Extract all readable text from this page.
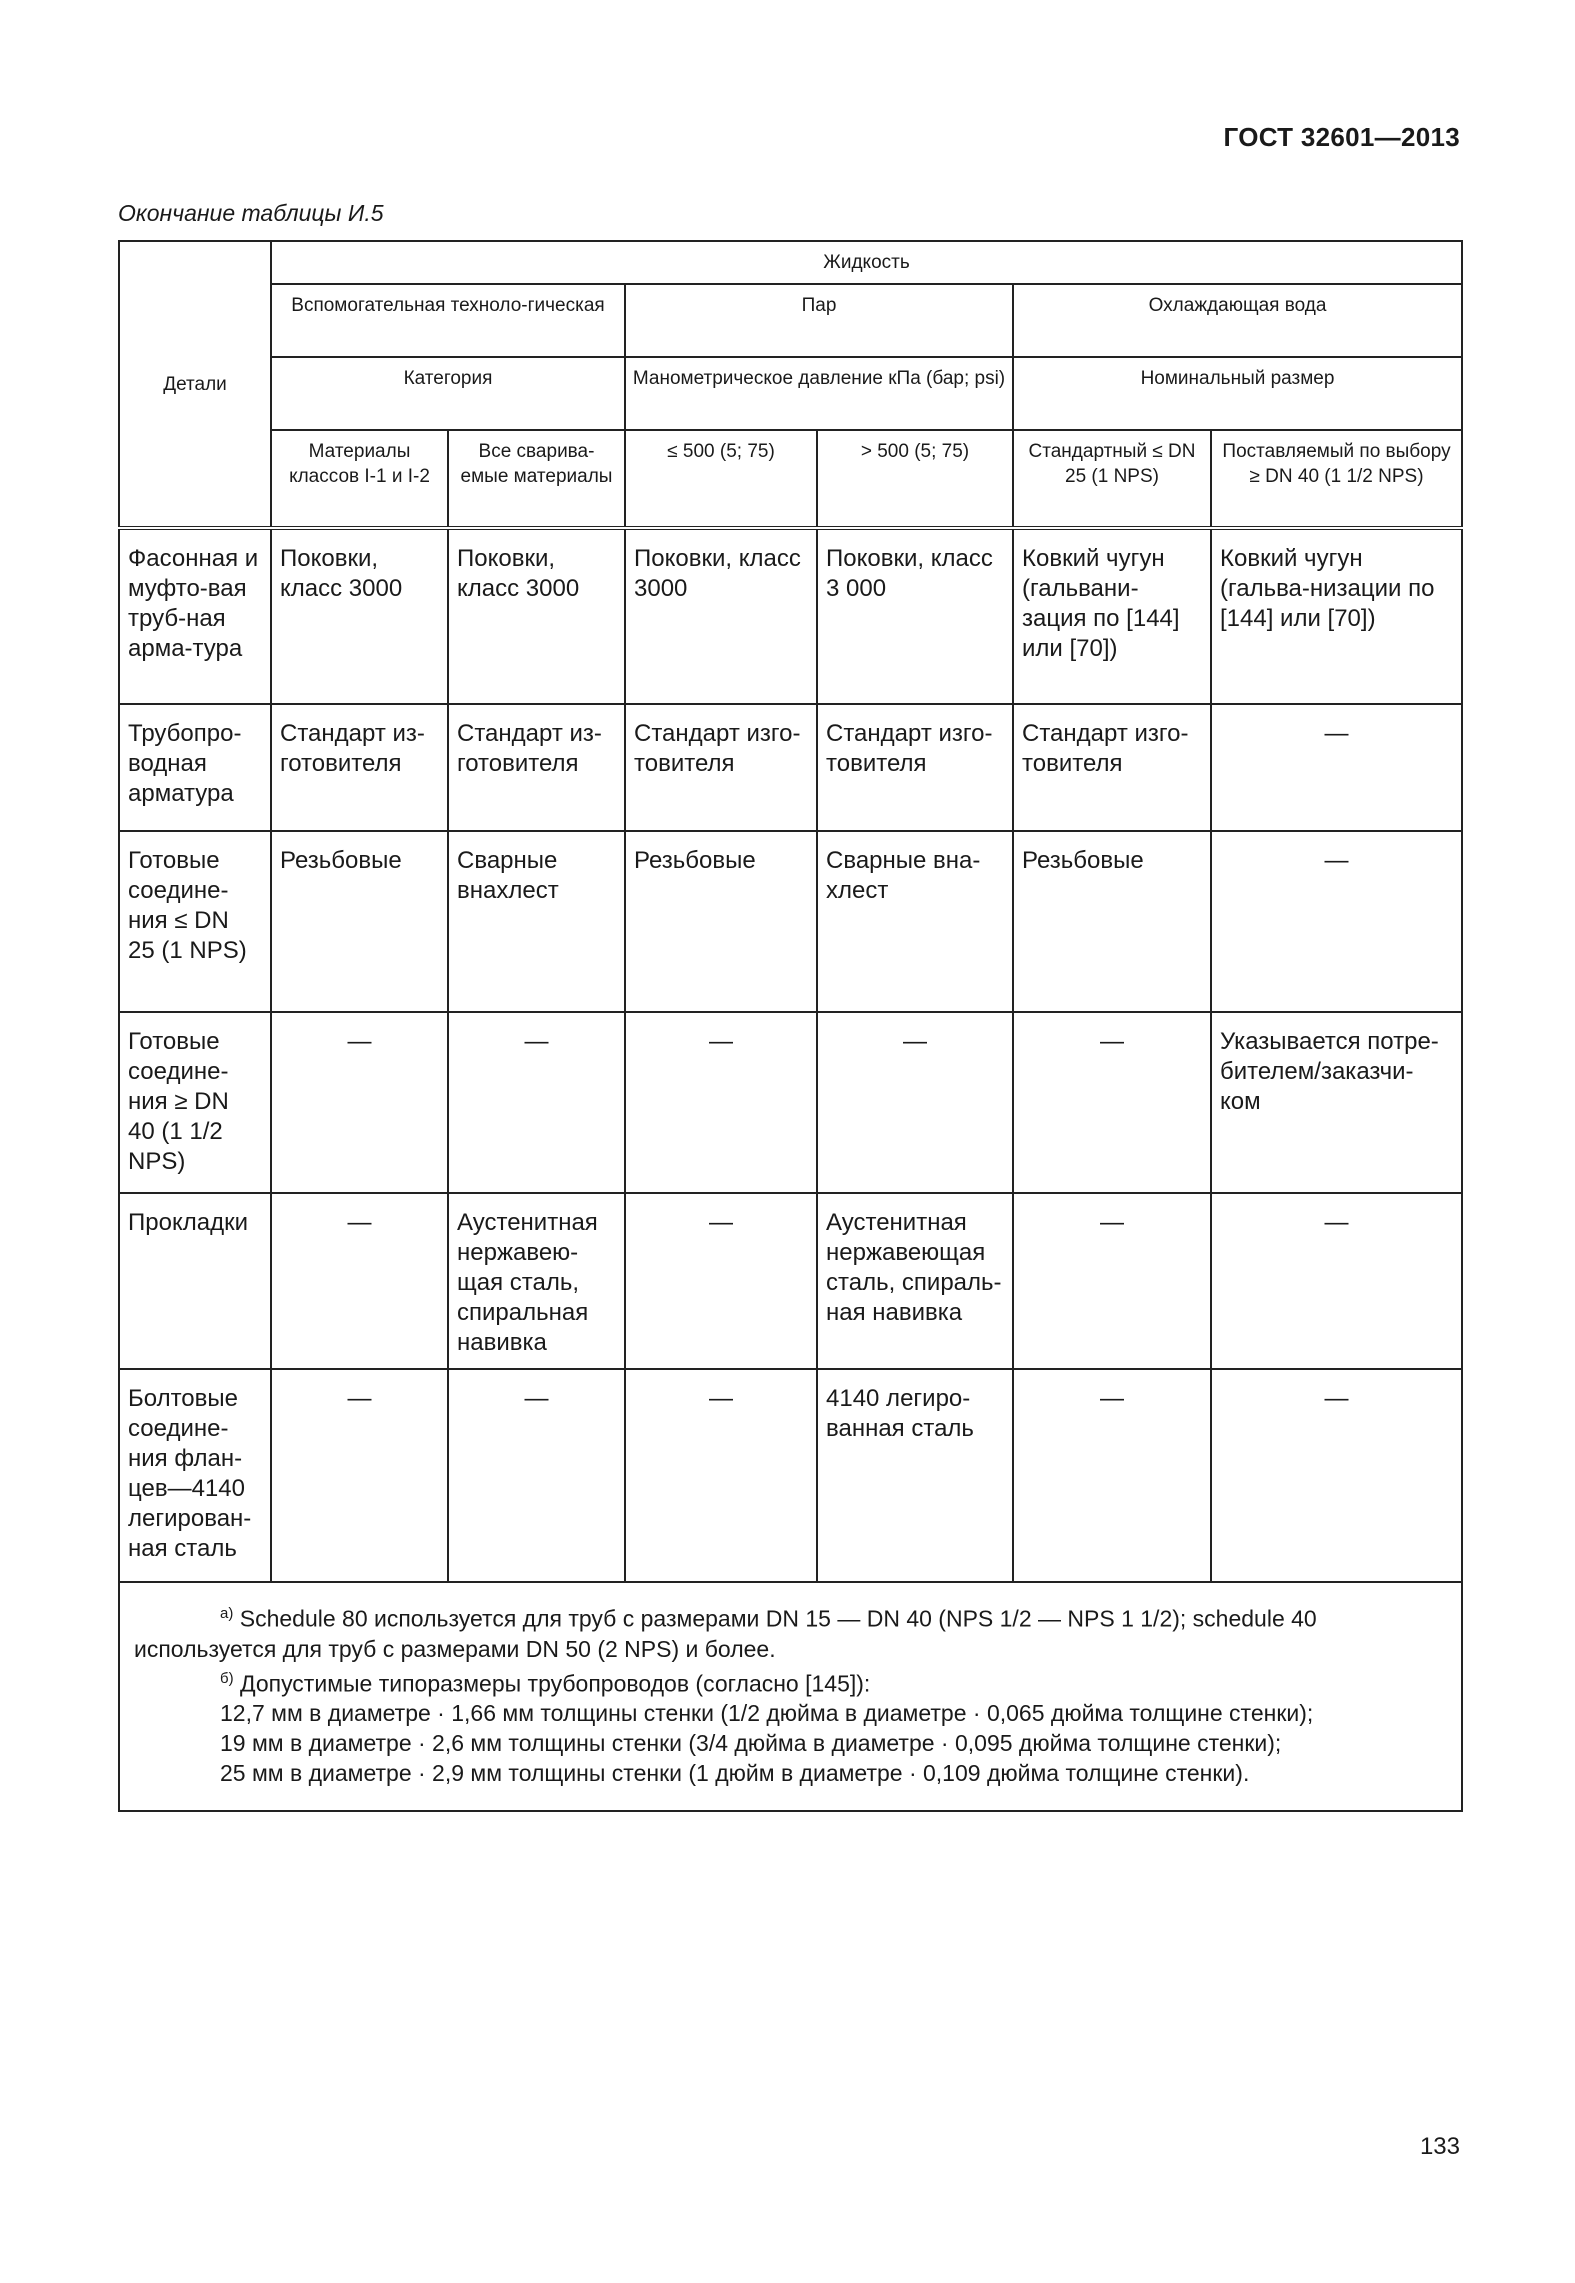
ГОСТ 32601—2013
Окончание таблицы И.5
Детали	Жидкость					
	Вспомогательная техноло-гическая		Пар		Охлаждающая вода	
	Категория		Манометрическое давление кПа (бар; psi)		Номинальный размер	
	Материалы классов I-1 и I-2	Все сварива-емые материалы	≤ 500 (5; 75)	> 500 (5; 75)	Стандартный ≤ DN 25 (1 NPS)	Поставляемый по выбору ≥ DN 40 (1 1/2 NPS)
Фасонная и муфто-вая труб-ная арма-тура	Поковки, класс 3000	Поковки, класс 3000	Поковки, класс 3000	Поковки, класс 3 000	Ковкий чугун (гальвани-зация по [144] или [70])	Ковкий чугун (гальва-низации по [144] или [70])
Трубопро-водная арматура	Стандарт из-готовителя	Стандарт из-готовителя	Стандарт изго-товителя	Стандарт изго-товителя	Стандарт изго-товителя	—
Готовые соедине-ния ≤ DN 25 (1 NPS)	Резьбовые	Сварные внахлест	Резьбовые	Сварные вна-хлест	Резьбовые	—
Готовые соедине-ния ≥ DN 40 (1 1/2 NPS)	—	—	—	—	—	Указывается потре-бителем/заказчи-ком
Прокладки	—	Аустенитная нержавею-щая сталь, спиральная навивка	—	Аустенитная нержавеющая сталь, спираль-ная навивка	—	—
Болтовые соедине-ния флан-цев—4140 легирован-ная сталь	—	—	—	4140 легиро-ванная сталь	—	—

$^{а)}$ Schedule 80 используется для труб с размерами DN 15 — DN 40 (NPS 1/2 — NPS 1 1/2); schedule 40 используется для труб с размерами DN 50 (2 NPS) и более.

$^{б)}$ Допустимые типоразмеры трубопроводов (согласно [145]):

12,7 мм в диаметре · 1,66 мм толщины стенки (1/2 дюйма в диаметре · 0,065 дюйма толщине стенки);

19 мм в диаметре · 2,6 мм толщины стенки (3/4 дюйма в диаметре · 0,095 дюйма толщине стенки);

25 мм в диаметре · 2,9 мм толщины стенки (1 дюйм в диаметре · 0,109 дюйма толщине стенки).						

133
